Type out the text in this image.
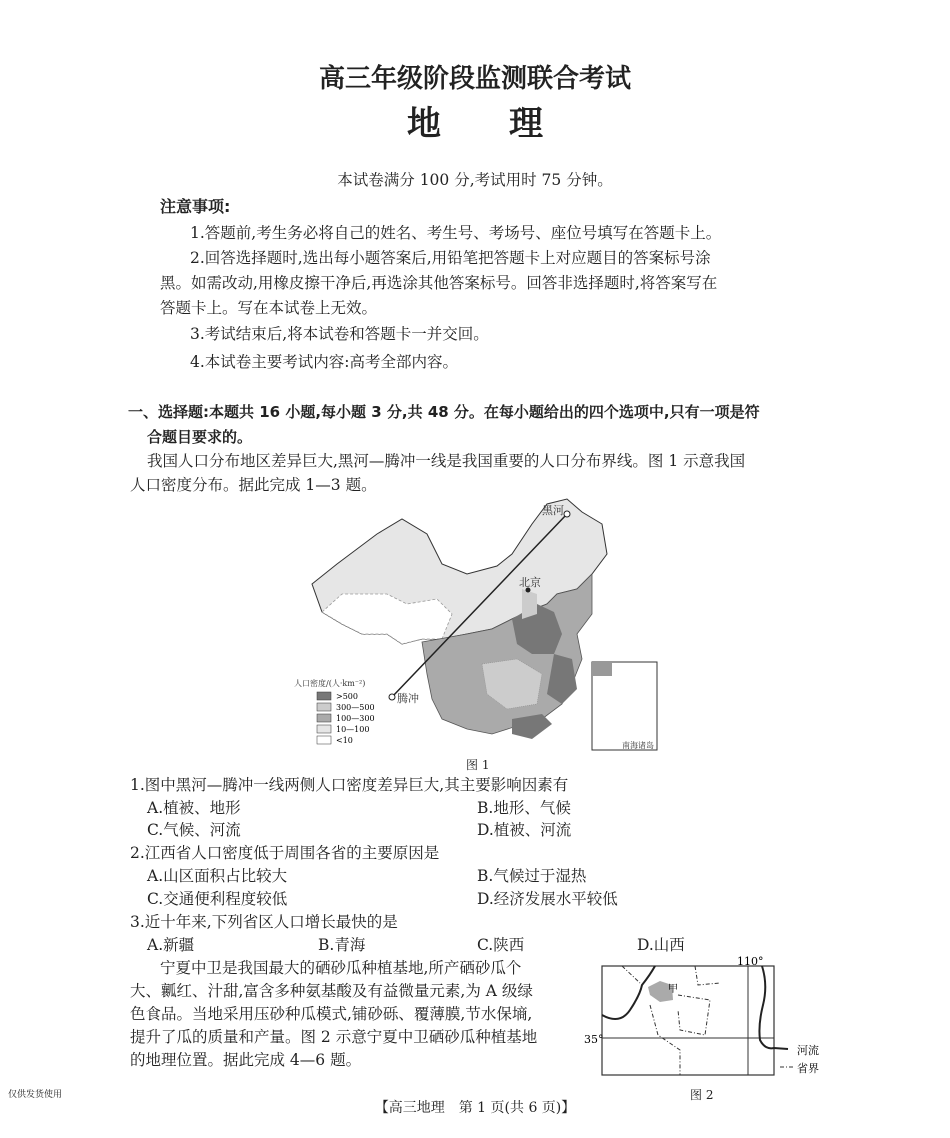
高三年级阶段监测联合考试
地　　理
本试卷满分 100 分,考试用时 75 分钟。
注意事项:
1.答题前,考生务必将自己的姓名、考生号、考场号、座位号填写在答题卡上。
2.回答选择题时,选出每小题答案后,用铅笔把答题卡上对应题目的答案标号涂
黑。如需改动,用橡皮擦干净后,再选涂其他答案标号。回答非选择题时,将答案写在
答题卡上。写在本试卷上无效。
3.考试结束后,将本试卷和答题卡一并交回。
4.本试卷主要考试内容:高考全部内容。
一、选择题:本题共 16 小题,每小题 3 分,共 48 分。在每小题给出的四个选项中,只有一项是符
合题目要求的。
我国人口分布地区差异巨大,黑河—腾冲一线是我国重要的人口分布界线。图 1 示意我国
人口密度分布。据此完成 1—3 题。
黑河
北京
腾冲
南海诸岛
人口密度/(人·km⁻²)
>500
300—500
100—300
10—100
<10
图 1
1.图中黑河—腾冲一线两侧人口密度差异巨大,其主要影响因素有
A.植被、地形	B.地形、气候
C.气候、河流	D.植被、河流
2.江西省人口密度低于周围各省的主要原因是
A.山区面积占比较大	B.气候过于湿热
C.交通便利程度较低	D.经济发展水平较低
3.近十年来,下列省区人口增长最快的是
A.新疆	B.青海	C.陕西	D.山西
宁夏中卫是我国最大的硒砂瓜种植基地,所产硒砂瓜个
大、瓤红、汁甜,富含多种氨基酸及有益微量元素,为 A 级绿
色食品。当地采用压砂种瓜模式,铺砂砾、覆薄膜,节水保墒,
提升了瓜的质量和产量。图 2 示意宁夏中卫硒砂瓜种植基地
的地理位置。据此完成 4—6 题。
110°
35°
甲
河流
省界
图 2
仅供发货使用
【高三地理　第 1 页(共 6 页)】
